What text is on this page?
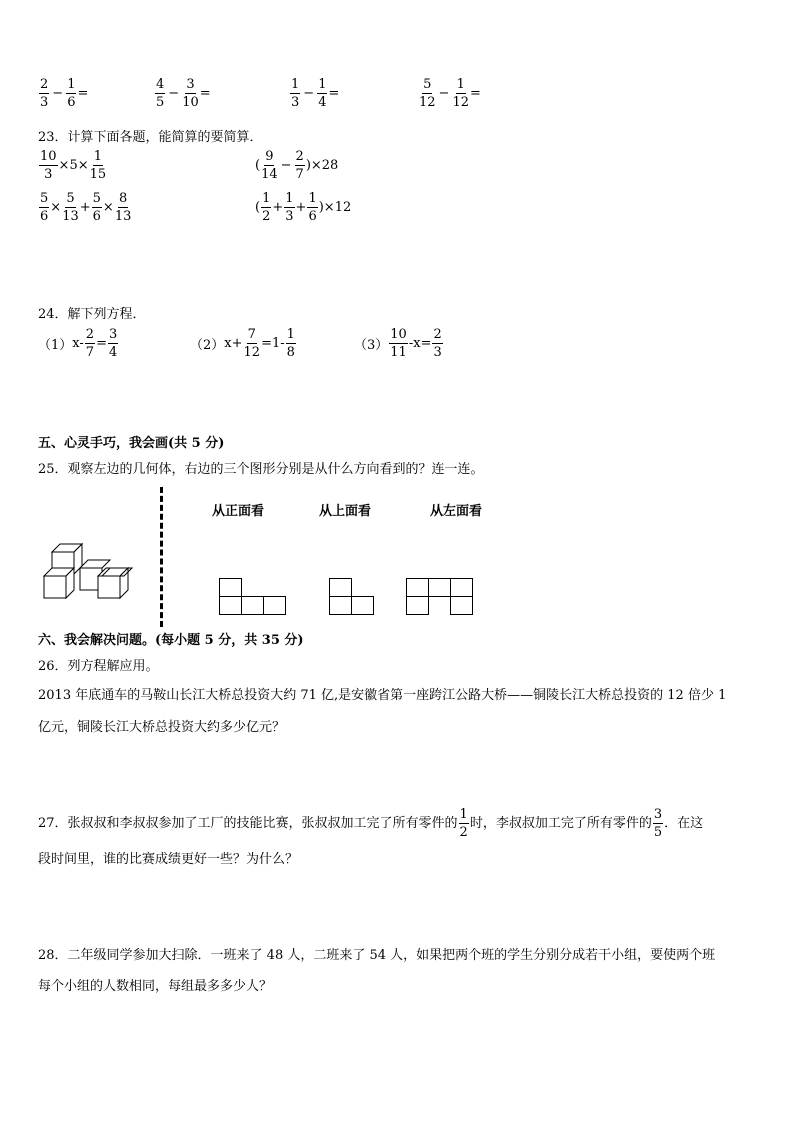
$\frac{2}{3} - \frac{1}{6}$ =	$\frac{4}{5} - \frac{3}{10}$ =	$\frac{1}{3} - \frac{1}{4}$ =	$\frac{5}{12} - \frac{1}{12}$ =
23．计算下面各题，能简算的要简算．
$\frac{10}{3} \times 5\times \frac{1}{15}$	( $\frac{9}{14} - \frac{2}{7} )\times 28$
$\frac{5}{6} \times \frac{5}{13} + \frac{5}{6} \times \frac{8}{13}$	( $\frac{1}{2} + \frac{1}{3} + \frac{1}{6} )\times 12$
24．解下列方程．
（1） $x- \frac{2}{7} = \frac{3}{4}$	（2） $x+ \frac{7}{12} =1- \frac{1}{8}$	$(3) \frac{10}{11} -x= \frac{2}{3}$
五、心灵手巧，我会画(共 5 分)
25．观察左边的几何体，右边的三个图形分别是从什么方向看到的？连一连。
从正面看	从上面看	从左面看
六、我会解决问题。(每小题 5 分，共 35 分)
26．列方程解应用。
2013 年底通车的马鞍山长江大桥总投资大约 71 亿,是安徽省第一座跨江公路大桥——铜陵长江大桥总投资的 12 倍少 1
亿元，铜陵长江大桥总投资大约多少亿元？
27．张叔叔和李叔叔参加了工厂的技能比赛，张叔叔加工完了所有零件的 $\frac{1}{2}$ 时，李叔叔加工完了所有零件的 $\frac{3}{5}$ ．在这
段时间里，谁的比赛成绩更好一些？为什么？
28．二年级同学参加大扫除．一班来了 48 人，二班来了 54 人，如果把两个班的学生分别分成若干小组，要使两个班
每个小组的人数相同，每组最多多少人？
